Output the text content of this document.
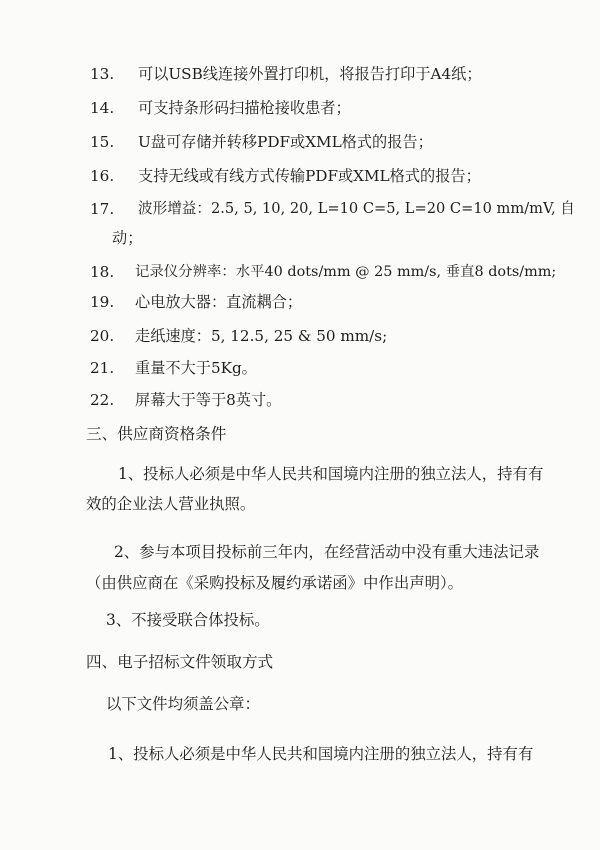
13. 可以USB线连接外置打印机，将报告打印于A4纸；
14. 可支持条形码扫描枪接收患者；
15. U盘可存储并转移PDF或XML格式的报告；
16. 支持无线或有线方式传输PDF或XML格式的报告；
17. 波形增益：2.5, 5, 10, 20, L=10 C=5, L=20 C=10 mm/mV, 自
动；
18. 记录仪分辨率：水平40 dots/mm @ 25 mm/s, 垂直8 dots/mm;
19. 心电放大器：直流耦合；
20. 走纸速度：5, 12.5, 25 & 50 mm/s;
21. 重量不大于5Kg。
22. 屏幕大于等于8英寸。
三、供应商资格条件
1、投标人必须是中华人民共和国境内注册的独立法人，持有有
效的企业法人营业执照。
2、参与本项目投标前三年内，在经营活动中没有重大违法记录
（由供应商在《采购投标及履约承诺函》中作出声明）。
3、不接受联合体投标。
四、电子招标文件领取方式
以下文件均须盖公章：
1、投标人必须是中华人民共和国境内注册的独立法人，持有有
